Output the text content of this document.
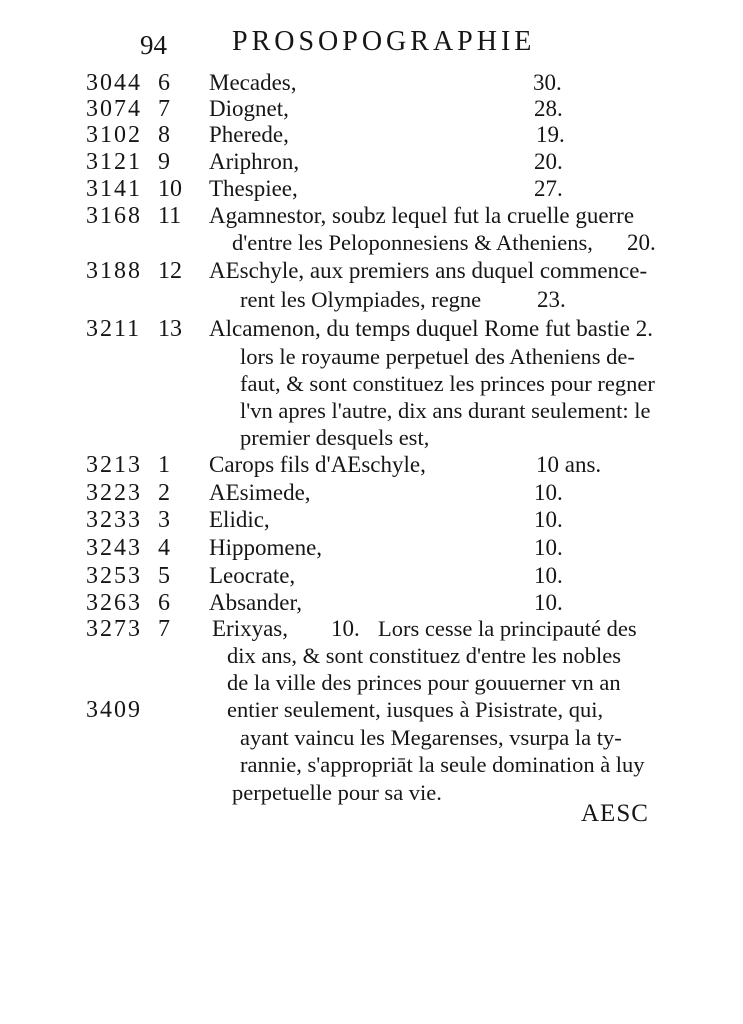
94 PROSOPOGRAPHIE
3044 6 Mecades,	30.
3074 7 Diognet,	28.
3102 8 Pherede,	19.
3121 9 Ariphron,	20.
3141 10 Thespiee,	27.
3168 11 Agamnestor, soubz lequel fut la cruelle guerre
d'entre les Peloponnesiens & Atheniens, 20.
3188 12 AEschyle, aux premiers ans duquel commence-
rent les Olympiades, regne 23.
3211 13 Alcamenon, du temps duquel Rome fut bastie 2.
lors le royaume perpetuel des Atheniens de-
faut, & sont constituez les princes pour regner
l'vn apres l'autre, dix ans durant seulement: le
premier desquels est,
3213 1 Carops fils d'AEschyle,	10 ans.
3223 2 AEsimede,	10.
3233 3 Elidic,	10.
3243 4 Hippomene,	10.
3253 5 Leocrate,	10.
3263 6 Absander,	10.
3273 7 Erixyas, 10. Lors cesse la principauté des
dix ans, & sont constituez d'entre les nobles
de la ville des princes pour gouuerner vn an
3409	entier seulement, iusques à Pisistrate, qui,
ayant vaincu les Megarenses, vsurpa la ty-
rannie, s'appropriāt la seule domination à luy
perpetuelle pour sa vie.
AESC
